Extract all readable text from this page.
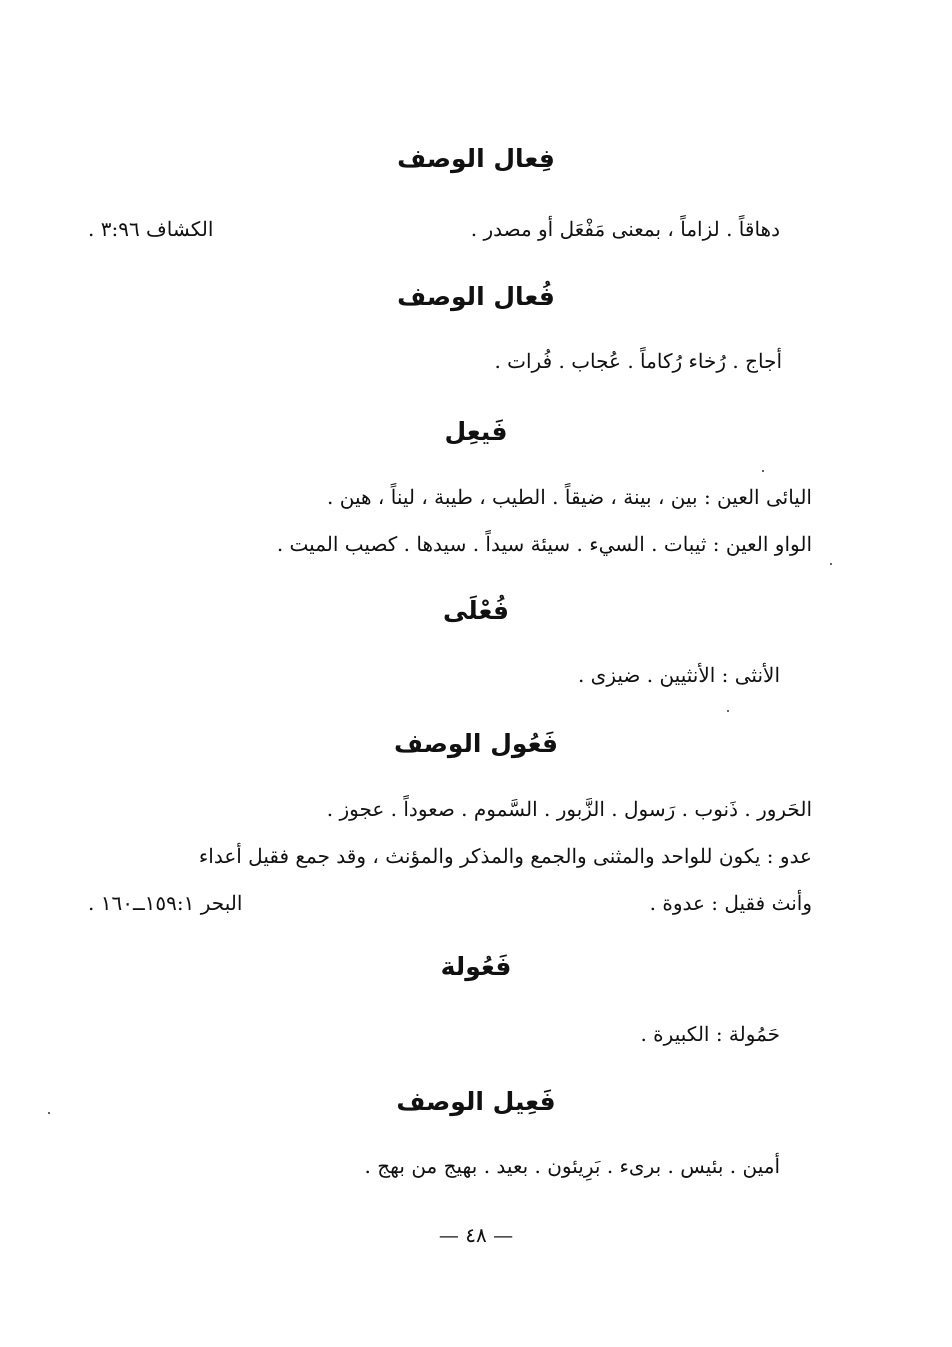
فِعال الوصف
دهاقاً . لزاماً ، بمعنى مَفْعَل أو مصدر .
الكشاف ٣:٩٦ .
فُعال الوصف
أجاج . رُخاء رُكاماً . عُجاب . فُرات .
فَيعِل
اليائى العين : بين ، بينة ، ضيقاً . الطيب ، طيبة ، ليناً ، هين .
الواو العين : ثيبات . السيء . سيئة سيداً . سيدها . كصيب الميت .
فُعْلَى
الأنثى : الأنثيين . ضيزى .
فَعُول الوصف
الحَرور . ذَنوب . رَسول . الزَّبور . السَّموم . صعوداً . عجوز .
عدو : يكون للواحد والمثنى والجمع والمذكر والمؤنث ، وقد جمع فقيل أعداء
وأنث فقيل : عدوة .
البحر ١٥٩:١ــ١٦٠ .
فَعُولة
حَمُولة : الكبيرة .
فَعِيل الوصف
أمين . بئيس . برىء . بَرِيئون . بعيد . بهيج من بهج .
— ٤٨ —
